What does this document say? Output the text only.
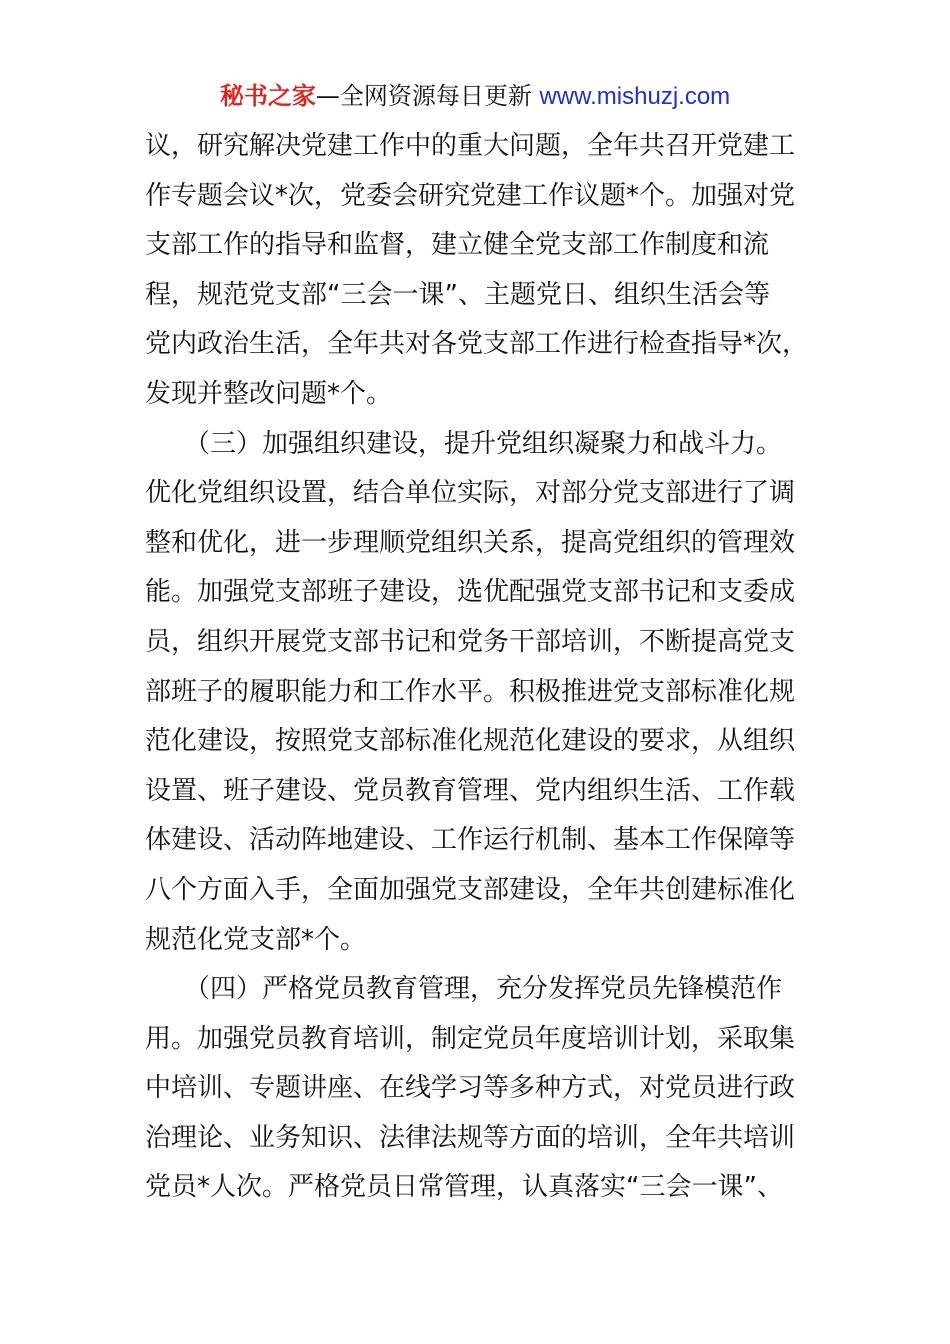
秘书之家—全网资源每日更新 www.mishuzj.com
议，研究解决党建工作中的重大问题，全年共召开党建工
作专题会议*次，党委会研究党建工作议题*个。加强对党
支部工作的指导和监督，建立健全党支部工作制度和流
程，规范党支部“三会一课”、主题党日、组织生活会等
党内政治生活，全年共对各党支部工作进行检查指导*次，
发现并整改问题*个。
　　（三）加强组织建设，提升党组织凝聚力和战斗力。
优化党组织设置，结合单位实际，对部分党支部进行了调
整和优化，进一步理顺党组织关系，提高党组织的管理效
能。加强党支部班子建设，选优配强党支部书记和支委成
员，组织开展党支部书记和党务干部培训，不断提高党支
部班子的履职能力和工作水平。积极推进党支部标准化规
范化建设，按照党支部标准化规范化建设的要求，从组织
设置、班子建设、党员教育管理、党内组织生活、工作载
体建设、活动阵地建设、工作运行机制、基本工作保障等
八个方面入手，全面加强党支部建设，全年共创建标准化
规范化党支部*个。
　　（四）严格党员教育管理，充分发挥党员先锋模范作
用。加强党员教育培训，制定党员年度培训计划，采取集
中培训、专题讲座、在线学习等多种方式，对党员进行政
治理论、业务知识、法律法规等方面的培训，全年共培训
党员*人次。严格党员日常管理，认真落实“三会一课”、
